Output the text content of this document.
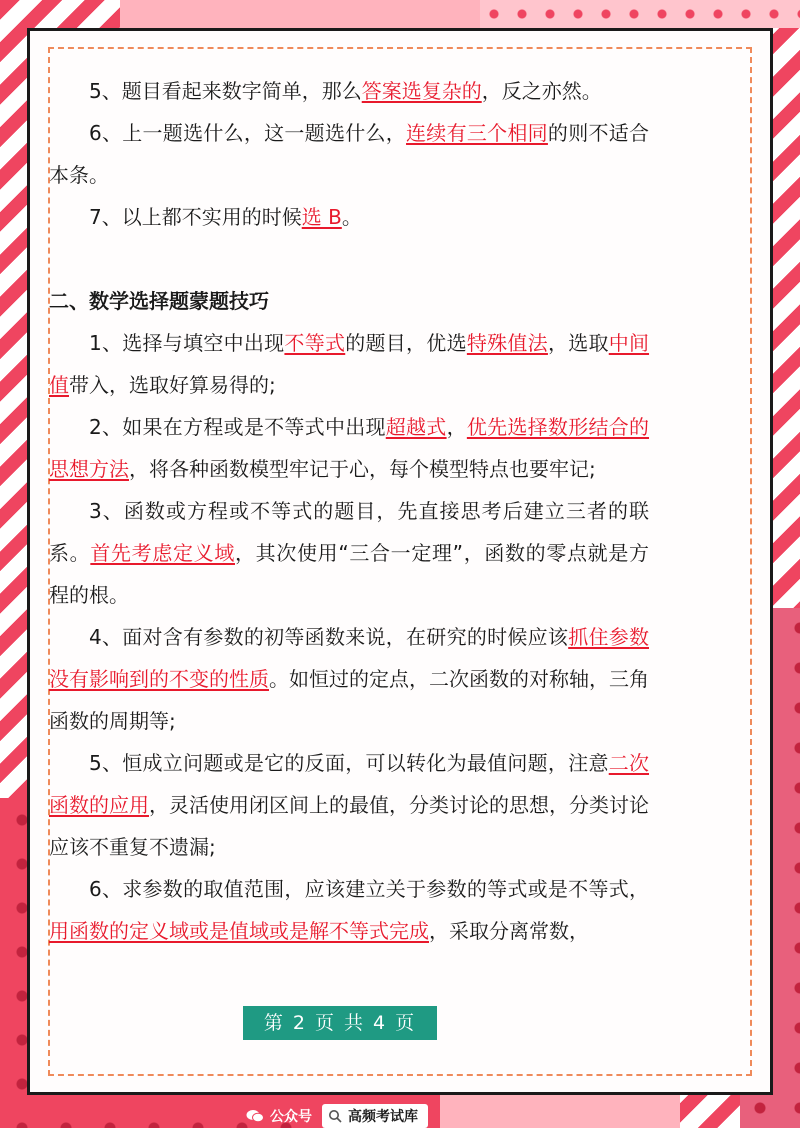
5、题目看起来数字简单，那么答案选复杂的，反之亦然。

6、上一题选什么，这一题选什么，连续有三个相同的则不适合本条。

7、以上都不实用的时候选 B。

二、数学选择题蒙题技巧

1、选择与填空中出现不等式的题目，优选特殊值法，选取中间值带入，选取好算易得的;

2、如果在方程或是不等式中出现超越式，优先选择数形结合的思想方法，将各种函数模型牢记于心，每个模型特点也要牢记;

3、函数或方程或不等式的题目，先直接思考后建立三者的联系。首先考虑定义域，其次使用“三合一定理”，函数的零点就是方程的根。

4、面对含有参数的初等函数来说，在研究的时候应该抓住参数没有影响到的不变的性质。如恒过的定点，二次函数的对称轴，三角函数的周期等;

5、恒成立问题或是它的反面，可以转化为最值问题，注意二次函数的应用，灵活使用闭区间上的最值，分类讨论的思想，分类讨论应该不重复不遗漏;

6、求参数的取值范围，应该建立关于参数的等式或是不等式，用函数的定义域或是值域或是解不等式完成，采取分离常数，

第 2 页 共 4 页
公众号	高频考试库
